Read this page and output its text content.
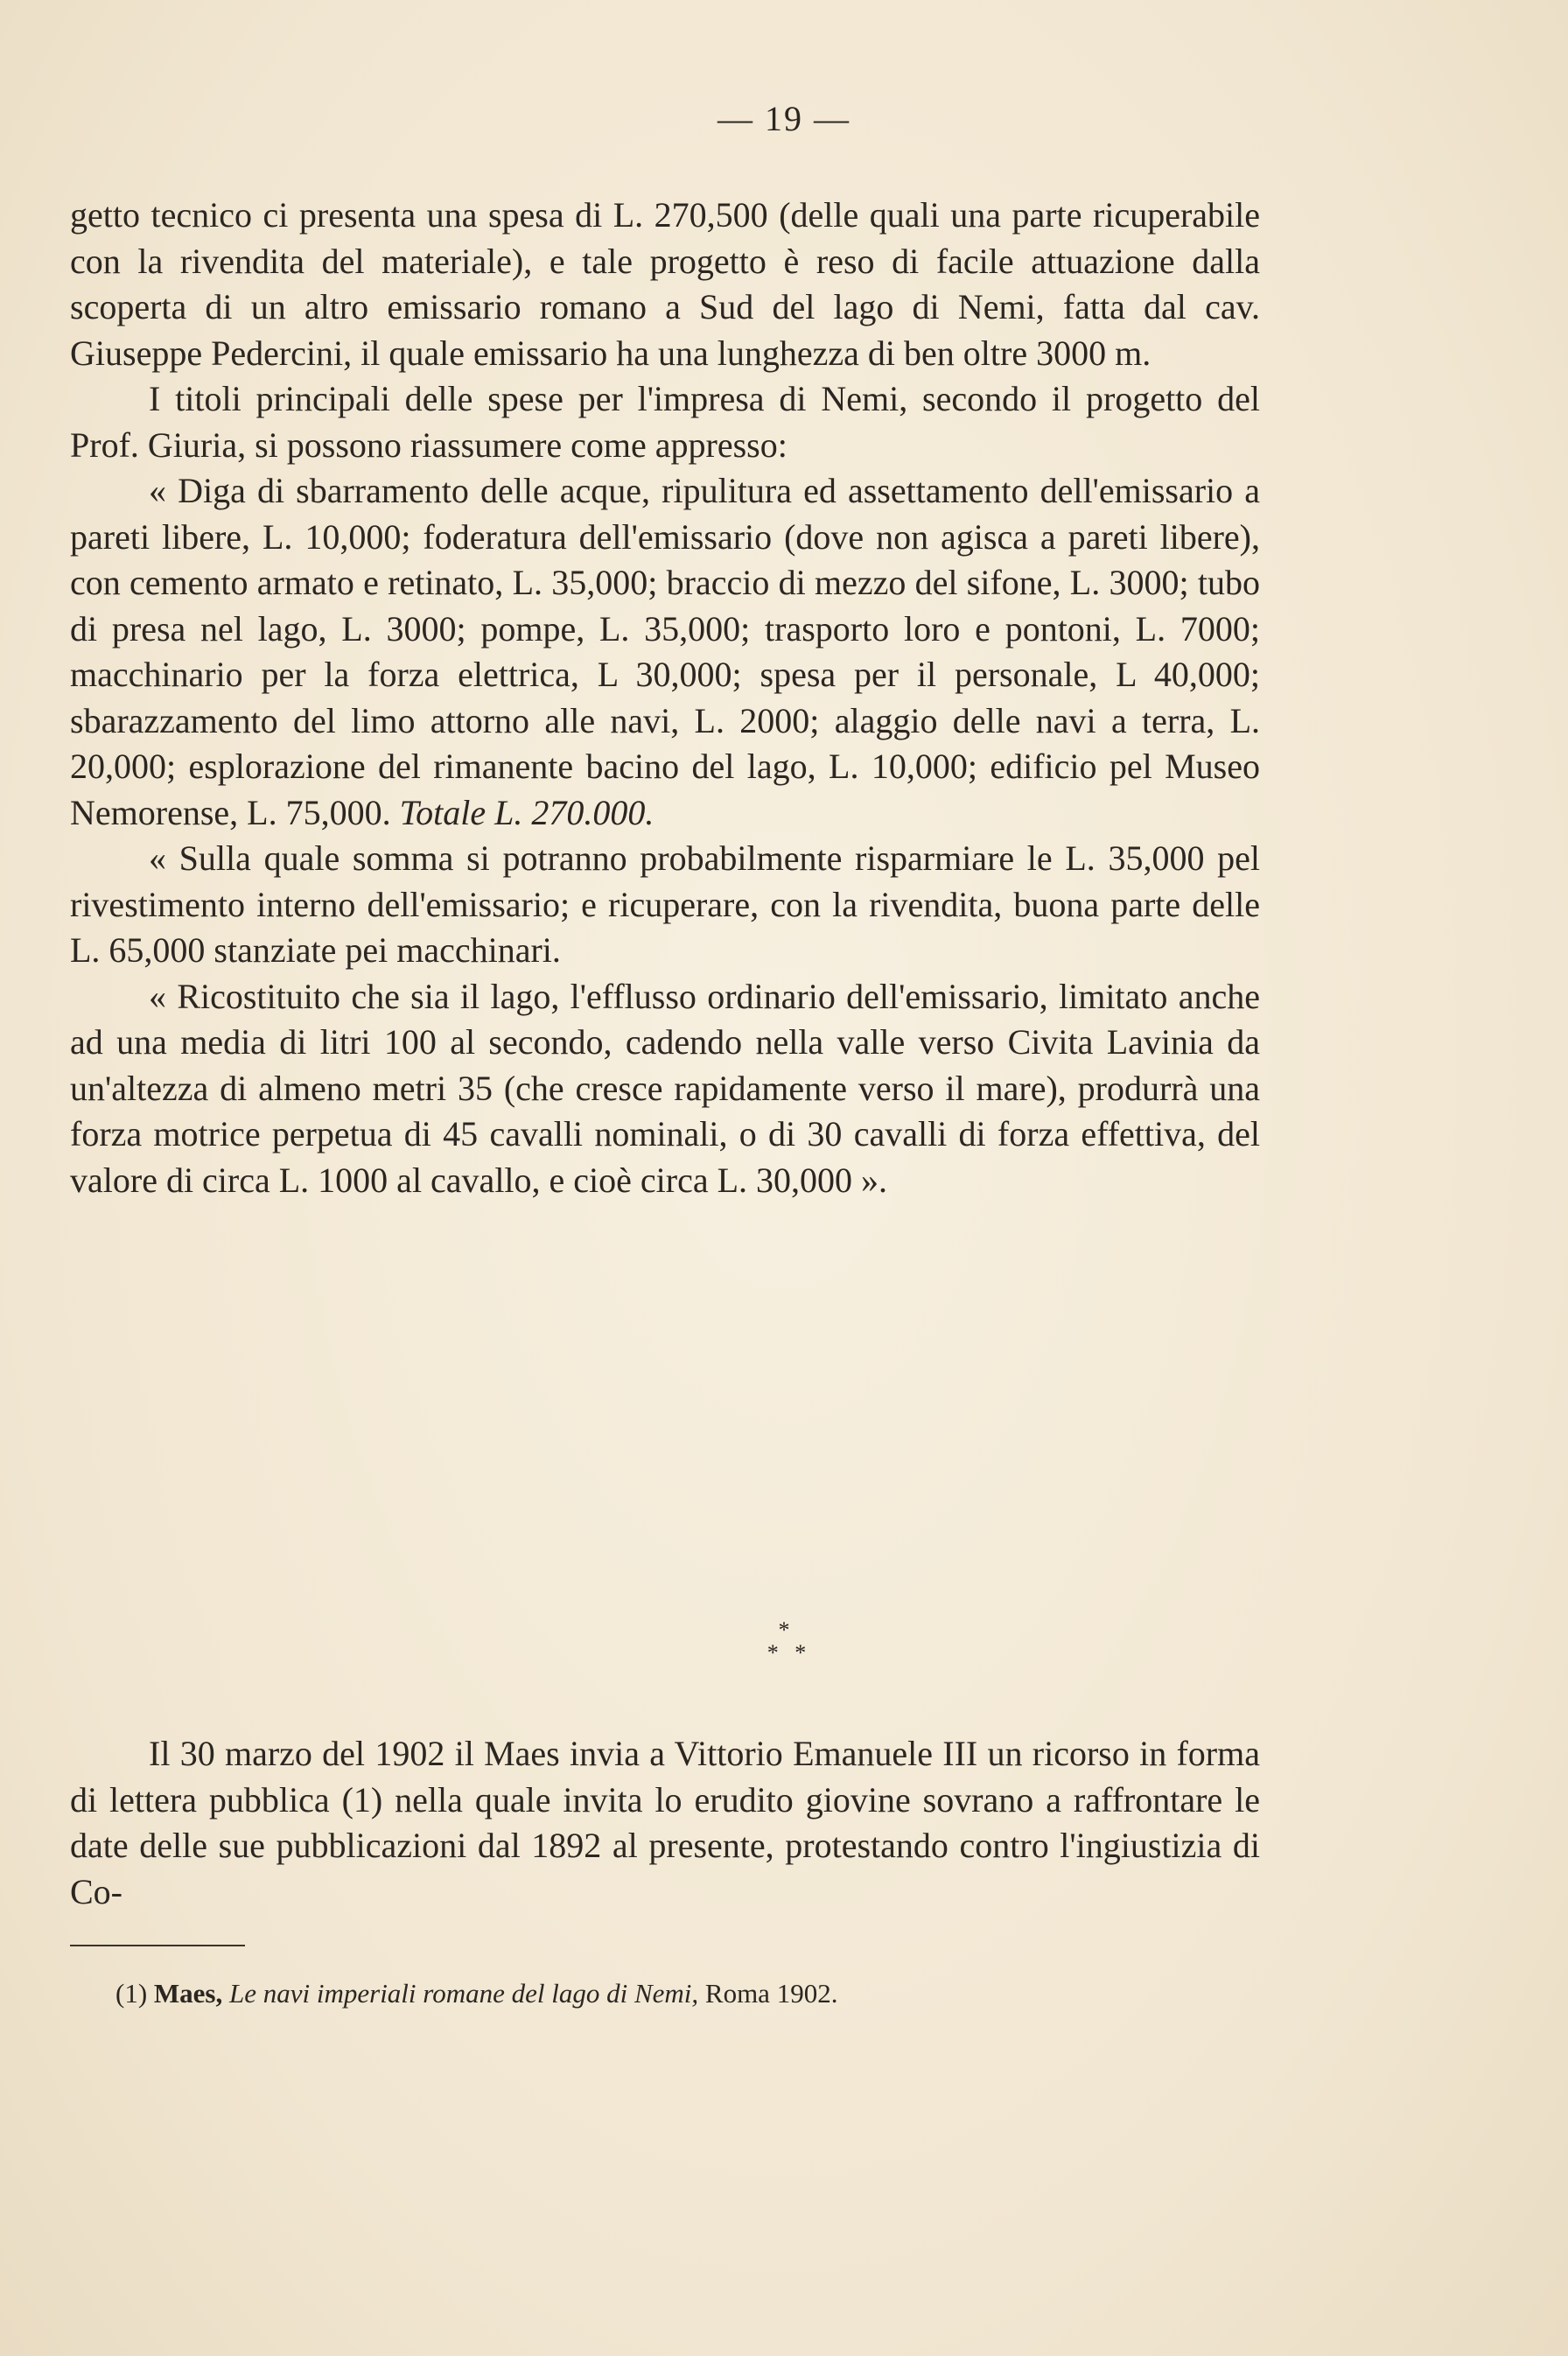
— 19 —

getto tecnico ci presenta una spesa di L. 270,500 (delle quali una parte ricuperabile con la rivendita del materiale), e tale progetto è reso di facile attuazione dalla scoperta di un altro emissario romano a Sud del lago di Nemi, fatta dal cav. Giuseppe Pedercini, il quale emissario ha una lunghezza di ben oltre 3000 m.

I titoli principali delle spese per l'impresa di Nemi, secondo il progetto del Prof. Giuria, si possono riassumere come appresso:

« Diga di sbarramento delle acque, ripulitura ed assettamento dell'emissario a pareti libere, L. 10,000; foderatura dell'emissario (dove non agisca a pareti libere), con cemento armato e retinato, L. 35,000; braccio di mezzo del sifone, L. 3000; tubo di presa nel lago, L. 3000; pompe, L. 35,000; trasporto loro e pontoni, L. 7000; macchinario per la forza elettrica, L 30,000; spesa per il personale, L 40,000; sbarazzamento del limo attorno alle navi, L. 2000; alaggio delle navi a terra, L. 20,000; esplorazione del rimanente bacino del lago, L. 10,000; edificio pel Museo Nemorense, L. 75,000. Totale L. 270.000.

« Sulla quale somma si potranno probabilmente risparmiare le L. 35,000 pel rivestimento interno dell'emissario; e ricuperare, con la rivendita, buona parte delle L. 65,000 stanziate pei macchinari.

« Ricostituito che sia il lago, l'efflusso ordinario dell'emissario, limitato anche ad una media di litri 100 al secondo, cadendo nella valle verso Civita Lavinia da un'altezza di almeno metri 35 (che cresce rapidamente verso il mare), produrrà una forza motrice perpetua di 45 cavalli nominali, o di 30 cavalli di forza effettiva, del valore di circa L. 1000 al cavallo, e cioè circa L. 30,000 ».

*
* *

Il 30 marzo del 1902 il Maes invia a Vittorio Emanuele III un ricorso in forma di lettera pubblica (1) nella quale invita lo erudito giovine sovrano a raffrontare le date delle sue pubblicazioni dal 1892 al presente, protestando contro l'ingiustizia di Co-

(1) Maes, Le navi imperiali romane del lago di Nemi, Roma 1902.
